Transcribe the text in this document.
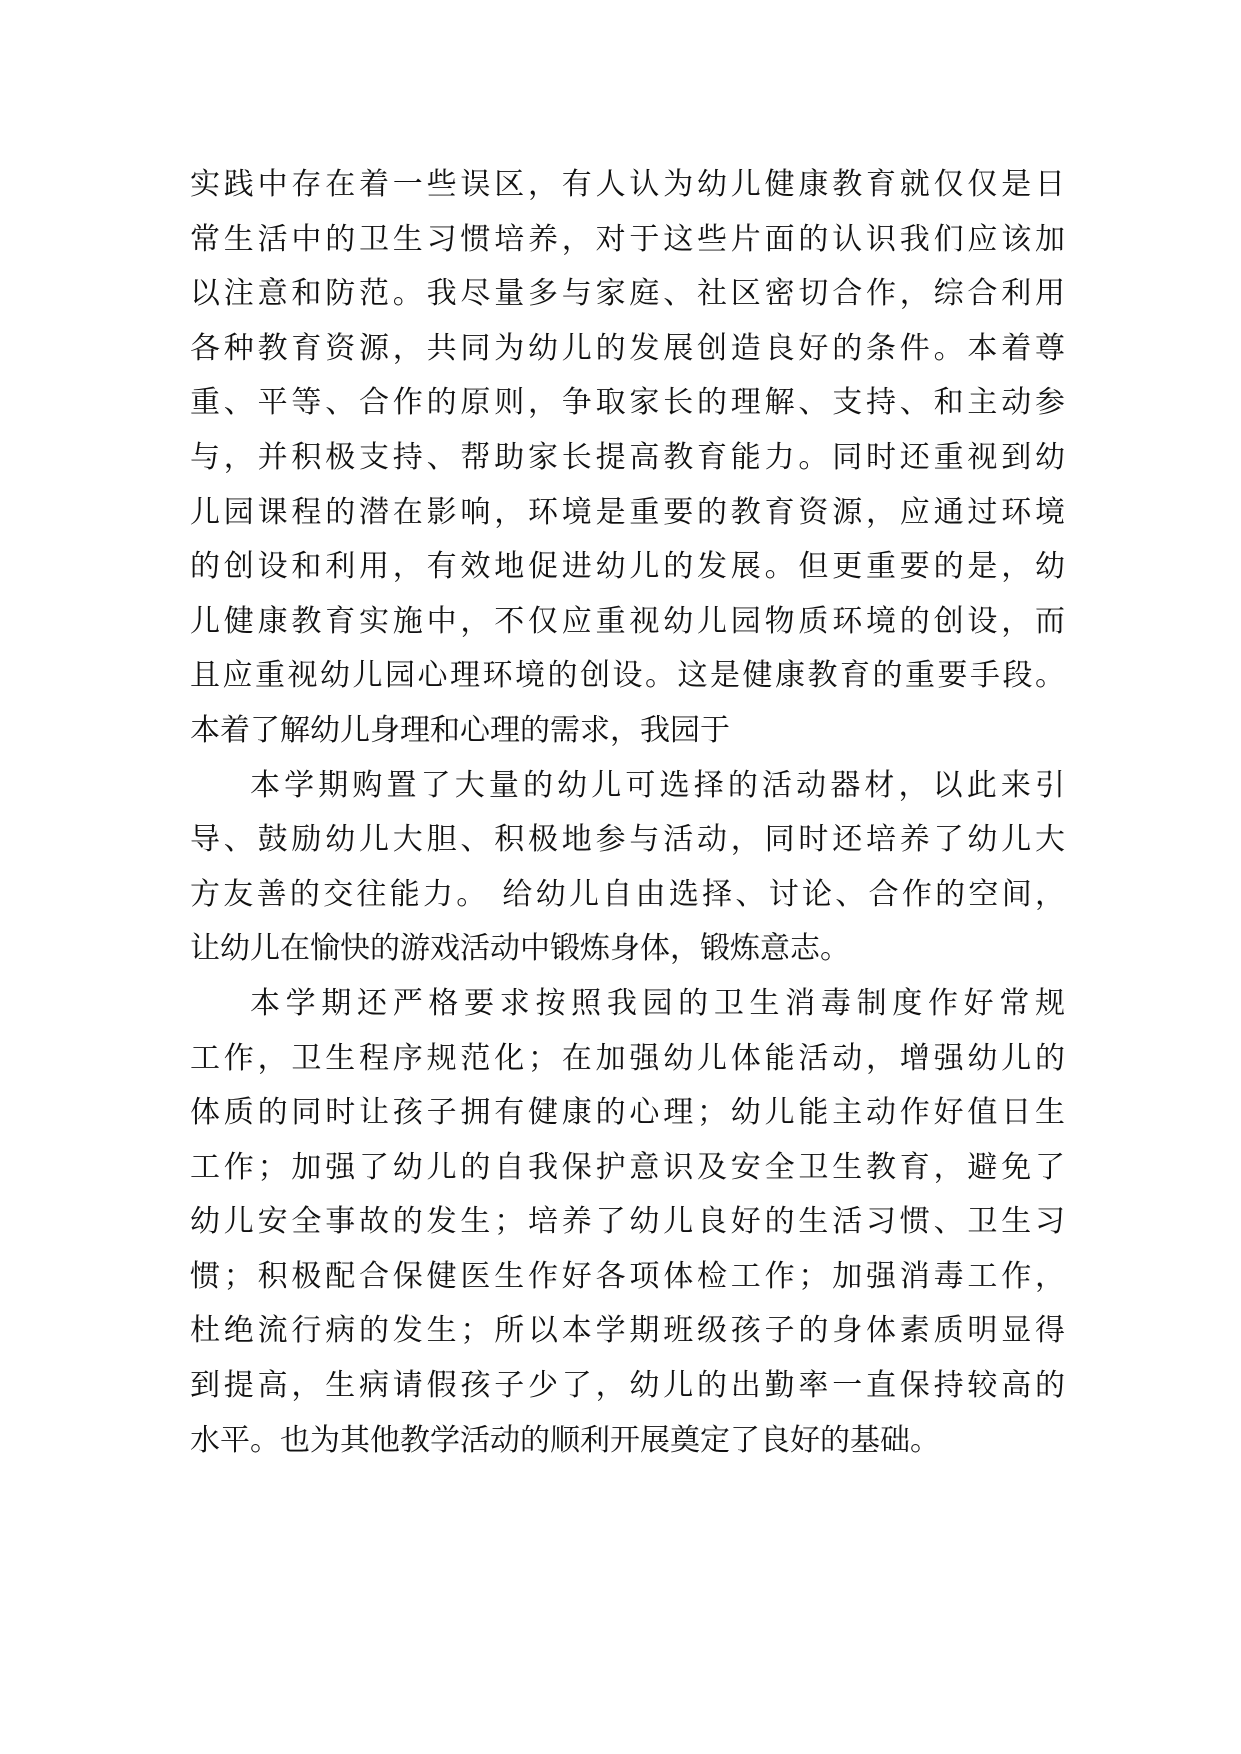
实践中存在着一些误区，有人认为幼儿健康教育就仅仅是日
常生活中的卫生习惯培养，对于这些片面的认识我们应该加
以注意和防范。我尽量多与家庭、社区密切合作，综合利用
各种教育资源，共同为幼儿的发展创造良好的条件。本着尊
重、平等、合作的原则，争取家长的理解、支持、和主动参
与，并积极支持、帮助家长提高教育能力。同时还重视到幼
儿园课程的潜在影响，环境是重要的教育资源，应通过环境
的创设和利用，有效地促进幼儿的发展。但更重要的是，幼
儿健康教育实施中，不仅应重视幼儿园物质环境的创设，而
且应重视幼儿园心理环境的创设。这是健康教育的重要手段。
本着了解幼儿身理和心理的需求，我园于
本学期购置了大量的幼儿可选择的活动器材，以此来引
导、鼓励幼儿大胆、积极地参与活动，同时还培养了幼儿大
方友善的交往能力。 给幼儿自由选择、讨论、合作的空间，
让幼儿在愉快的游戏活动中锻炼身体，锻炼意志。
本学期还严格要求按照我园的卫生消毒制度作好常规
工作，卫生程序规范化；在加强幼儿体能活动，增强幼儿的
体质的同时让孩子拥有健康的心理；幼儿能主动作好值日生
工作；加强了幼儿的自我保护意识及安全卫生教育，避免了
幼儿安全事故的发生；培养了幼儿良好的生活习惯、卫生习
惯；积极配合保健医生作好各项体检工作；加强消毒工作，
杜绝流行病的发生；所以本学期班级孩子的身体素质明显得
到提高，生病请假孩子少了，幼儿的出勤率一直保持较高的
水平。也为其他教学活动的顺利开展奠定了良好的基础。
